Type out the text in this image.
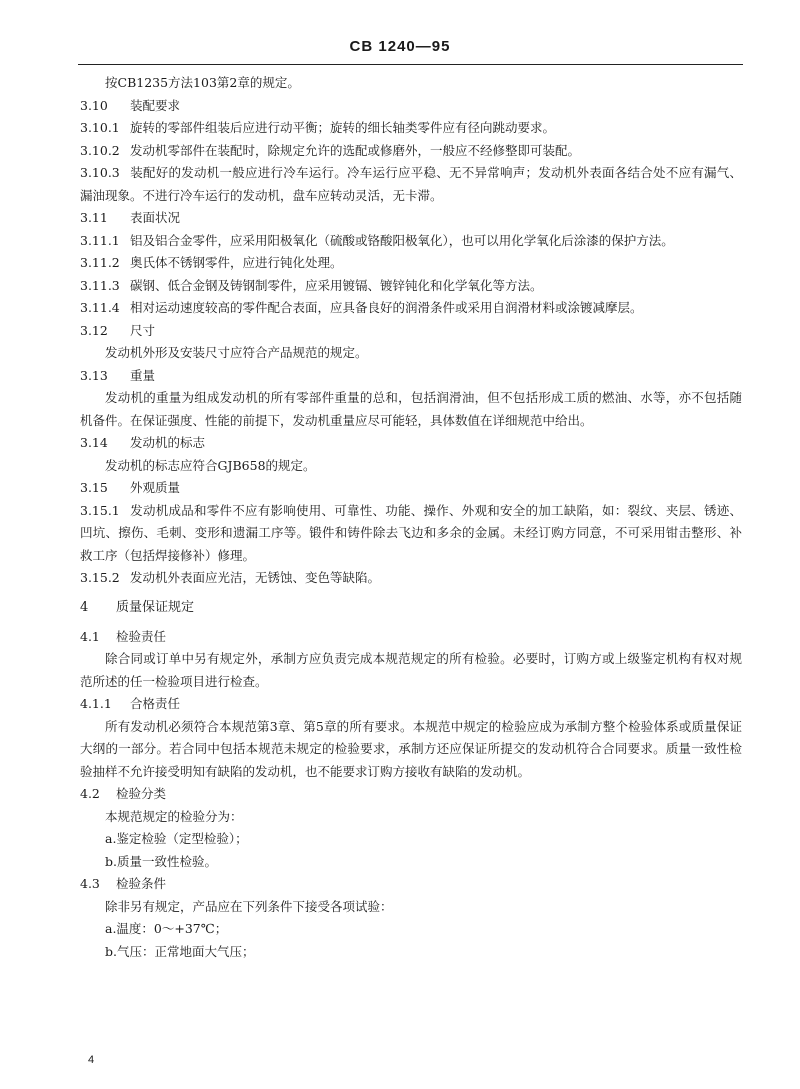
CB 1240—95

按CB1235方法103第2章的规定。

3.10 装配要求

3.10.1 旋转的零部件组装后应进行动平衡；旋转的细长轴类零件应有径向跳动要求。

3.10.2 发动机零部件在装配时，除规定允许的选配或修磨外，一般应不经修整即可装配。

3.10.3 装配好的发动机一般应进行冷车运行。冷车运行应平稳、无不异常响声；发动机外表面各结合处不应有漏气、漏油现象。不进行冷车运行的发动机，盘车应转动灵活，无卡滞。

3.11 表面状况

3.11.1 铝及铝合金零件，应采用阳极氧化（硫酸或铬酸阳极氧化），也可以用化学氧化后涂漆的保护方法。

3.11.2 奥氏体不锈钢零件，应进行钝化处理。

3.11.3 碳钢、低合金钢及铸钢制零件，应采用镀镉、镀锌钝化和化学氧化等方法。

3.11.4 相对运动速度较高的零件配合表面，应具备良好的润滑条件或采用自润滑材料或涂镀减摩层。

3.12 尺寸

发动机外形及安装尺寸应符合产品规范的规定。

3.13 重量

发动机的重量为组成发动机的所有零部件重量的总和，包括润滑油，但不包括形成工质的燃油、水等，亦不包括随机备件。在保证强度、性能的前提下，发动机重量应尽可能轻，具体数值在详细规范中给出。

3.14 发动机的标志

发动机的标志应符合GJB658的规定。

3.15 外观质量

3.15.1 发动机成品和零件不应有影响使用、可靠性、功能、操作、外观和安全的加工缺陷，如：裂纹、夹层、锈迹、凹坑、擦伤、毛刺、变形和遗漏工序等。锻件和铸件除去飞边和多余的金属。未经订购方同意，不可采用钳击整形、补救工序（包括焊接修补）修理。

3.15.2 发动机外表面应光洁，无锈蚀、变色等缺陷。

4 质量保证规定

4.1 检验责任

除合同或订单中另有规定外，承制方应负责完成本规范规定的所有检验。必要时，订购方或上级鉴定机构有权对规范所述的任一检验项目进行检查。

4.1.1 合格责任

所有发动机必须符合本规范第3章、第5章的所有要求。本规范中规定的检验应成为承制方整个检验体系或质量保证大纲的一部分。若合同中包括本规范未规定的检验要求，承制方还应保证所提交的发动机符合合同要求。质量一致性检验抽样不允许接受明知有缺陷的发动机，也不能要求订购方接收有缺陷的发动机。

4.2 检验分类

本规范规定的检验分为：

a.鉴定检验（定型检验）；

b.质量一致性检验。

4.3 检验条件

除非另有规定，产品应在下列条件下接受各项试验：

a.温度：0～+37℃；

b.气压：正常地面大气压；

4
